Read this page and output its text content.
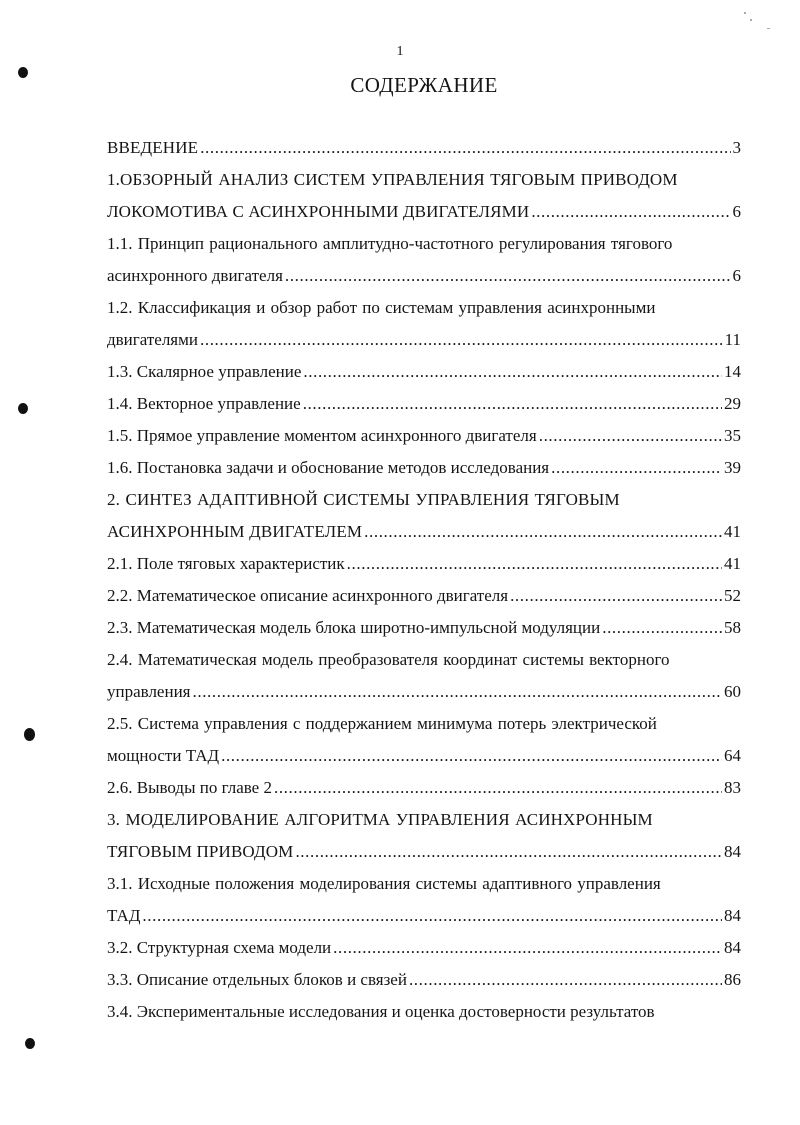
1
СОДЕРЖАНИЕ
ВВЕДЕНИЕ .....	3
1.ОБЗОРНЫЙ АНАЛИЗ СИСТЕМ УПРАВЛЕНИЯ ТЯГОВЫМ ПРИВОДОМ
ЛОКОМОТИВА С АСИНХРОННЫМИ ДВИГАТЕЛЯМИ .....	6
1.1. Принцип рационального амплитудно-частотного регулирования тягового
асинхронного двигателя .....	6
1.2. Классификация и обзор работ по системам управления асинхронными
двигателями .....	11
1.3. Скалярное управление .....	14
1.4. Векторное управление .....	29
1.5. Прямое управление моментом асинхронного двигателя .....	35
1.6. Постановка задачи и обоснование методов исследования .....	39
2. СИНТЕЗ АДАПТИВНОЙ СИСТЕМЫ УПРАВЛЕНИЯ ТЯГОВЫМ
АСИНХРОННЫМ ДВИГАТЕЛЕМ .....	41
2.1. Поле тяговых характеристик .....	41
2.2. Математическое описание асинхронного двигателя .....	52
2.3. Математическая модель блока широтно-импульсной модуляции .....	58
2.4. Математическая модель преобразователя координат системы векторного
управления .....	60
2.5. Система управления с поддержанием минимума потерь электрической
мощности ТАД .....	64
2.6. Выводы по главе 2 .....	83
3. МОДЕЛИРОВАНИЕ АЛГОРИТМА УПРАВЛЕНИЯ АСИНХРОННЫМ
ТЯГОВЫМ ПРИВОДОМ .....	84
3.1. Исходные положения моделирования системы адаптивного управления
ТАД .....	84
3.2. Структурная схема модели .....	84
3.3. Описание отдельных блоков и связей .....	86
3.4. Экспериментальные исследования и оценка достоверности результатов
